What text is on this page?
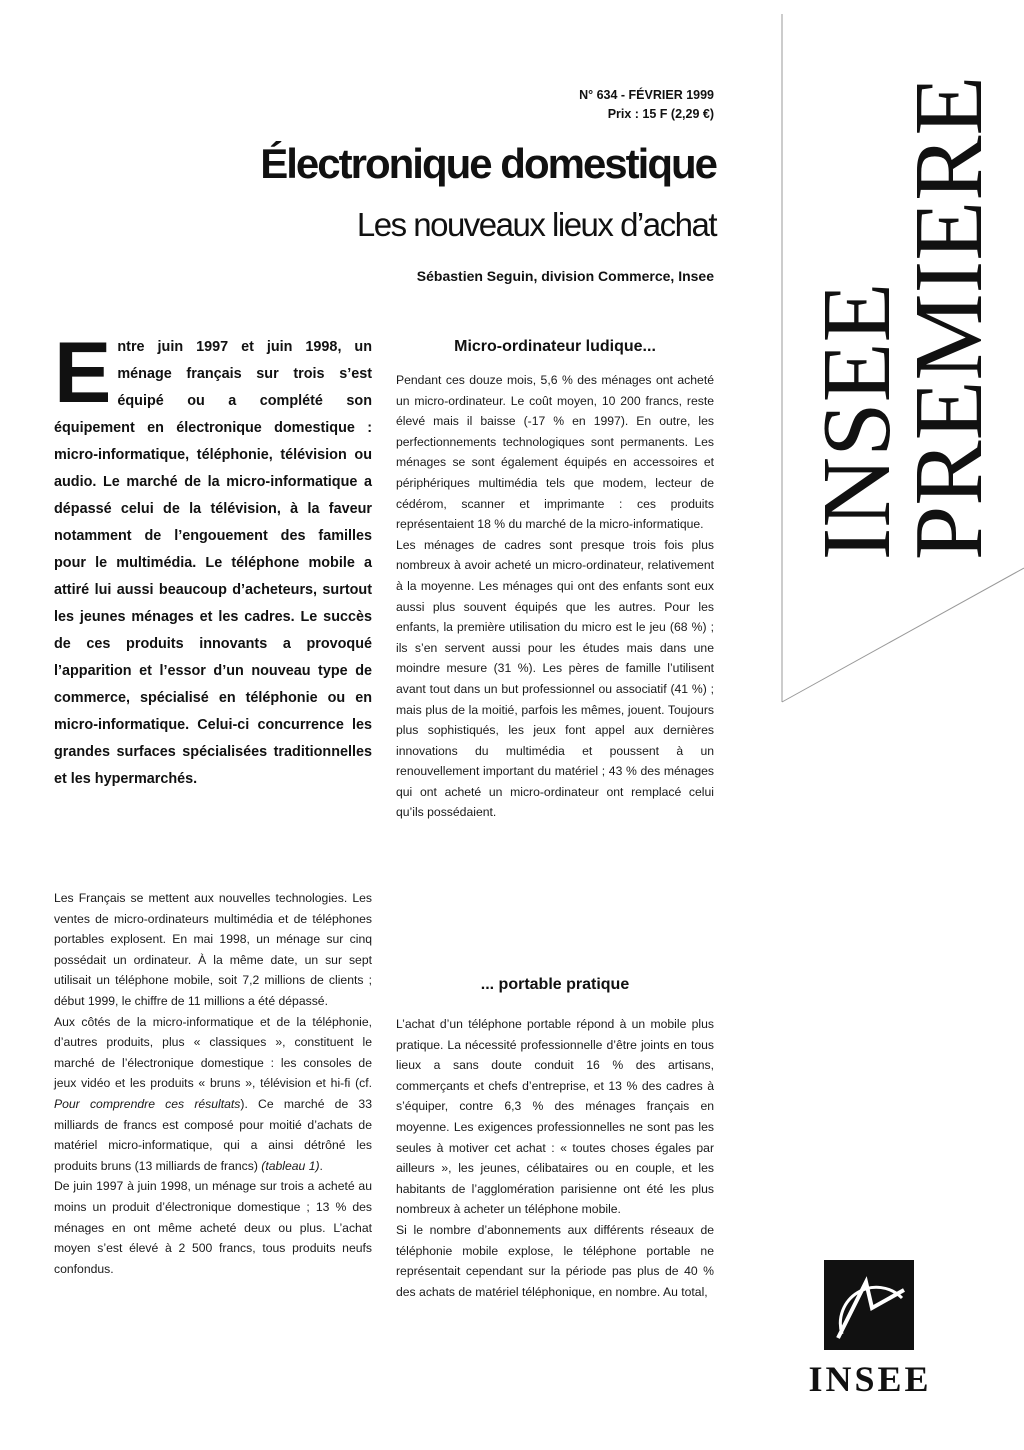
INSEE
PREMIERE
N° 634 - FÉVRIER 1999
Prix : 15 F (2,29 €)
Électronique domestique
Les nouveaux lieux d’achat
Sébastien Seguin, division Commerce, Insee
Entre juin 1997 et juin 1998, un ménage français sur trois s’est équipé ou a complété son équipement en électronique domestique : micro-informatique, téléphonie, télévision ou audio. Le marché de la micro-informatique a dépassé celui de la télévision, à la faveur notamment de l’engouement des familles pour le multimédia. Le téléphone mobile a attiré lui aussi beaucoup d’acheteurs, surtout les jeunes ménages et les cadres. Le succès de ces produits innovants a provoqué l’apparition et l’essor d’un nouveau type de commerce, spécialisé en téléphonie ou en micro-informatique. Celui-ci concurrence les grandes surfaces spécialisées traditionnelles et les hypermarchés.

Les Français se mettent aux nouvelles technologies. Les ventes de micro-ordinateurs multimédia et de téléphones portables explosent. En mai 1998, un ménage sur cinq possédait un ordinateur. À la même date, un sur sept utilisait un téléphone mobile, soit 7,2 millions de clients ; début 1999, le chiffre de 11 millions a été dépassé.

Aux côtés de la micro-informatique et de la téléphonie, d’autres produits, plus « classiques », constituent le marché de l’électronique domestique : les consoles de jeux vidéo et les produits « bruns », télévision et hi-fi (cf. Pour comprendre ces résultats). Ce marché de 33 milliards de francs est composé pour moitié d’achats de matériel micro-informatique, qui a ainsi détrôné les produits bruns (13 milliards de francs) (tableau 1).

De juin 1997 à juin 1998, un ménage sur trois a acheté au moins un produit d’électronique domestique ; 13 % des ménages en ont même acheté deux ou plus. L’achat moyen s’est élevé à 2 500 francs, tous produits neufs confondus.

Micro-ordinateur ludique...

Pendant ces douze mois, 5,6 % des ménages ont acheté un micro-ordinateur. Le coût moyen, 10 200 francs, reste élevé mais il baisse (-17 % en 1997). En outre, les perfectionnements technologiques sont permanents. Les ménages se sont également équipés en accessoires et périphériques multimédia tels que modem, lecteur de cédérom, scanner et imprimante : ces produits représentaient 18 % du marché de la micro-informatique.

Les ménages de cadres sont presque trois fois plus nombreux à avoir acheté un micro-ordinateur, relativement à la moyenne. Les ménages qui ont des enfants sont eux aussi plus souvent équipés que les autres. Pour les enfants, la première utilisation du micro est le jeu (68 %) ; ils s’en servent aussi pour les études mais dans une moindre mesure (31 %). Les pères de famille l’utilisent avant tout dans un but professionnel ou associatif (41 %) ; mais plus de la moitié, parfois les mêmes, jouent. Toujours plus sophistiqués, les jeux font appel aux dernières innovations du multimédia et poussent à un renouvellement important du matériel ; 43 % des ménages qui ont acheté un micro-ordinateur ont remplacé celui qu’ils possédaient.

... portable pratique

L’achat d’un téléphone portable répond à un mobile plus pratique. La nécessité professionnelle d’être joints en tous lieux a sans doute conduit 16 % des artisans, commerçants et chefs d’entreprise, et 13 % des cadres à s’équiper, contre 6,3 % des ménages français en moyenne. Les exigences professionnelles ne sont pas les seules à motiver cet achat : « toutes choses égales par ailleurs », les jeunes, célibataires ou en couple, et les habitants de l’agglomération parisienne ont été les plus nombreux à acheter un téléphone mobile.

Si le nombre d’abonnements aux différents réseaux de téléphonie mobile explose, le téléphone portable ne représentait cependant sur la période pas plus de 40 % des achats de matériel téléphonique, en nombre. Au total,

INSEE
